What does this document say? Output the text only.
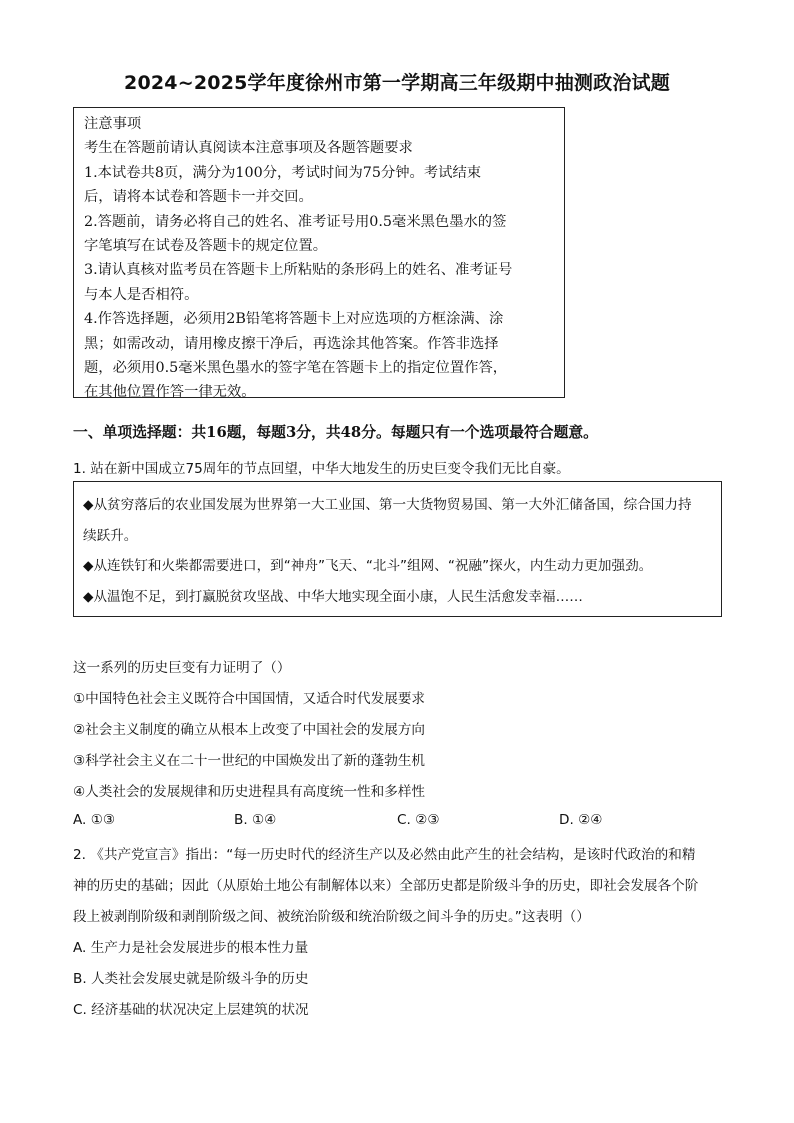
2024~2025学年度徐州市第一学期高三年级期中抽测政治试题
注意事项
考生在答题前请认真阅读本注意事项及各题答题要求
1.本试卷共8页，满分为100分，考试时间为75分钟。考试结束
后，请将本试卷和答题卡一并交回。
2.答题前，请务必将自己的姓名、准考证号用0.5毫米黑色墨水的签
字笔填写在试卷及答题卡的规定位置。
3.请认真核对监考员在答题卡上所粘贴的条形码上的姓名、准考证号
与本人是否相符。
4.作答选择题，必须用2B铅笔将答题卡上对应选项的方框涂满、涂
黑；如需改动，请用橡皮擦干净后，再选涂其他答案。作答非选择
题，必须用0.5毫米黑色墨水的签字笔在答题卡上的指定位置作答，
在其他位置作答一律无效。
一、单项选择题：共16题，每题3分，共48分。每题只有一个选项最符合题意。
1. 站在新中国成立75周年的节点回望，中华大地发生的历史巨变令我们无比自豪。
◆从贫穷落后的农业国发展为世界第一大工业国、第一大货物贸易国、第一大外汇储备国，综合国力持
续跃升。
◆从连铁钉和火柴都需要进口，到“神舟”飞天、“北斗”组网、“祝融”探火，内生动力更加强劲。
◆从温饱不足，到打赢脱贫攻坚战、中华大地实现全面小康，人民生活愈发幸福……
这一系列的历史巨变有力证明了（）
①中国特色社会主义既符合中国国情，又适合时代发展要求
②社会主义制度的确立从根本上改变了中国社会的发展方向
③科学社会主义在二十一世纪的中国焕发出了新的蓬勃生机
④人类社会的发展规律和历史进程具有高度统一性和多样性
A. ①③	B. ①④	C. ②③	D. ②④
2. 《共产党宣言》指出：“每一历史时代的经济生产以及必然由此产生的社会结构，是该时代政治的和精
神的历史的基础；因此（从原始土地公有制解体以来）全部历史都是阶级斗争的历史，即社会发展各个阶
段上被剥削阶级和剥削阶级之间、被统治阶级和统治阶级之间斗争的历史。”这表明（）
A. 生产力是社会发展进步的根本性力量
B. 人类社会发展史就是阶级斗争的历史
C. 经济基础的状况决定上层建筑的状况
